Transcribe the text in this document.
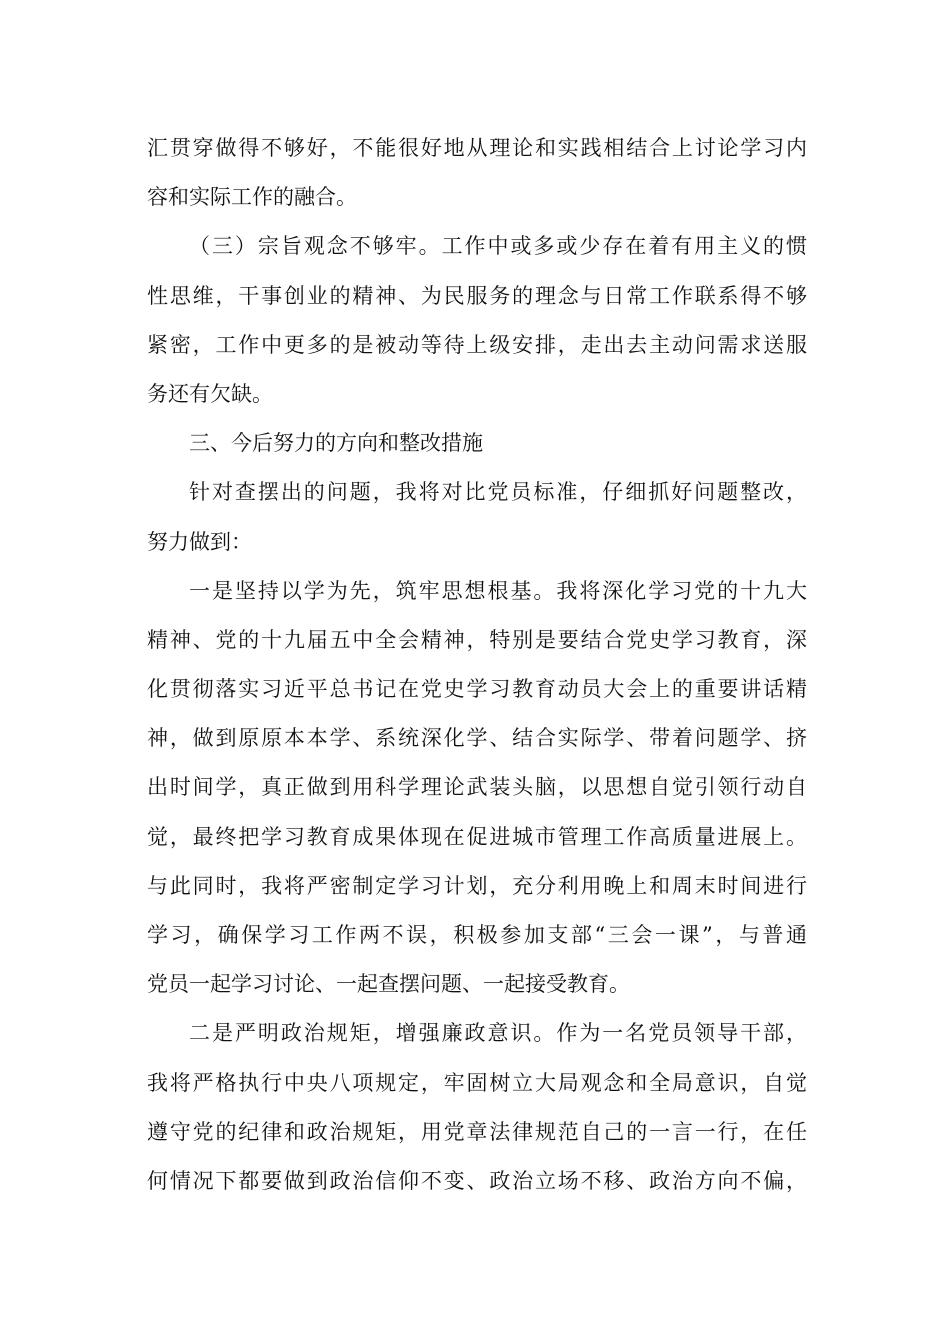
汇贯穿做得不够好，不能很好地从理论和实践相结合上讨论学习内
容和实际工作的融合。
（三）宗旨观念不够牢。工作中或多或少存在着有用主义的惯
性思维，干事创业的精神、为民服务的理念与日常工作联系得不够
紧密，工作中更多的是被动等待上级安排，走出去主动问需求送服
务还有欠缺。
三、今后努力的方向和整改措施
针对查摆出的问题，我将对比党员标准，仔细抓好问题整改，
努力做到：
一是坚持以学为先，筑牢思想根基。我将深化学习党的十九大
精神、党的十九届五中全会精神，特别是要结合党史学习教育，深
化贯彻落实习近平总书记在党史学习教育动员大会上的重要讲话精
神，做到原原本本学、系统深化学、结合实际学、带着问题学、挤
出时间学，真正做到用科学理论武装头脑，以思想自觉引领行动自
觉，最终把学习教育成果体现在促进城市管理工作高质量进展上。
与此同时，我将严密制定学习计划，充分利用晚上和周末时间进行
学习，确保学习工作两不误，积极参加支部“三会一课”，与普通
党员一起学习讨论、一起查摆问题、一起接受教育。
二是严明政治规矩，增强廉政意识。作为一名党员领导干部，
我将严格执行中央八项规定，牢固树立大局观念和全局意识，自觉
遵守党的纪律和政治规矩，用党章法律规范自己的一言一行，在任
何情况下都要做到政治信仰不变、政治立场不移、政治方向不偏，
